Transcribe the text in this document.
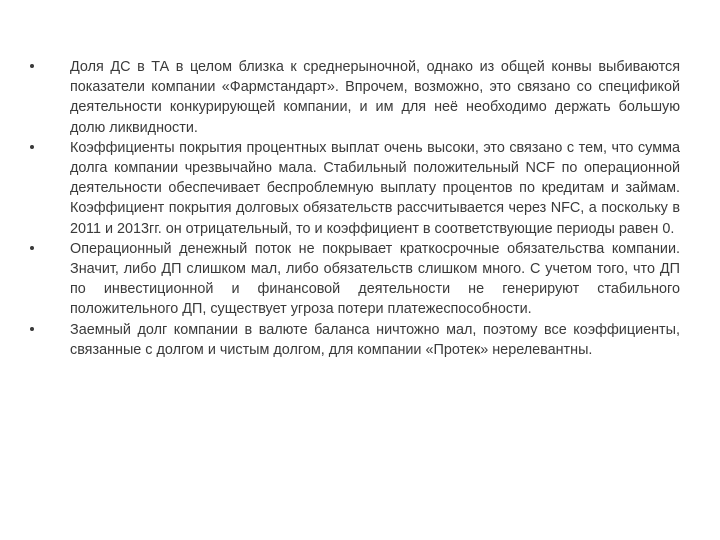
Доля ДС в ТА в целом близка к среднерыночной, однако из общей конвы выбиваются показатели компании «Фармстандарт». Впрочем, возможно, это связано со спецификой деятельности конкурирующей компании, и им для неё необходимо держать большую долю ликвидности.
Коэффициенты покрытия процентных выплат очень высоки, это связано с тем, что сумма долга компании чрезвычайно мала. Стабильный положительный NCF по операционной деятельности обеспечивает беспроблемную выплату процентов по кредитам и займам. Коэффициент покрытия долговых обязательств рассчитывается через NFC, а поскольку в 2011 и 2013гг. он отрицательный, то и коэффициент в соответствующие периоды равен 0.
Операционный денежный поток не покрывает краткосрочные обязательства компании. Значит, либо ДП слишком мал, либо обязательств слишком много. С учетом того, что ДП по инвестиционной и финансовой деятельности не генерируют стабильного положительного ДП, существует угроза потери платежеспособности.
Заемный долг компании в валюте баланса ничтожно мал, поэтому все коэффициенты, связанные с долгом и чистым долгом, для компании «Протек» нерелевантны.
